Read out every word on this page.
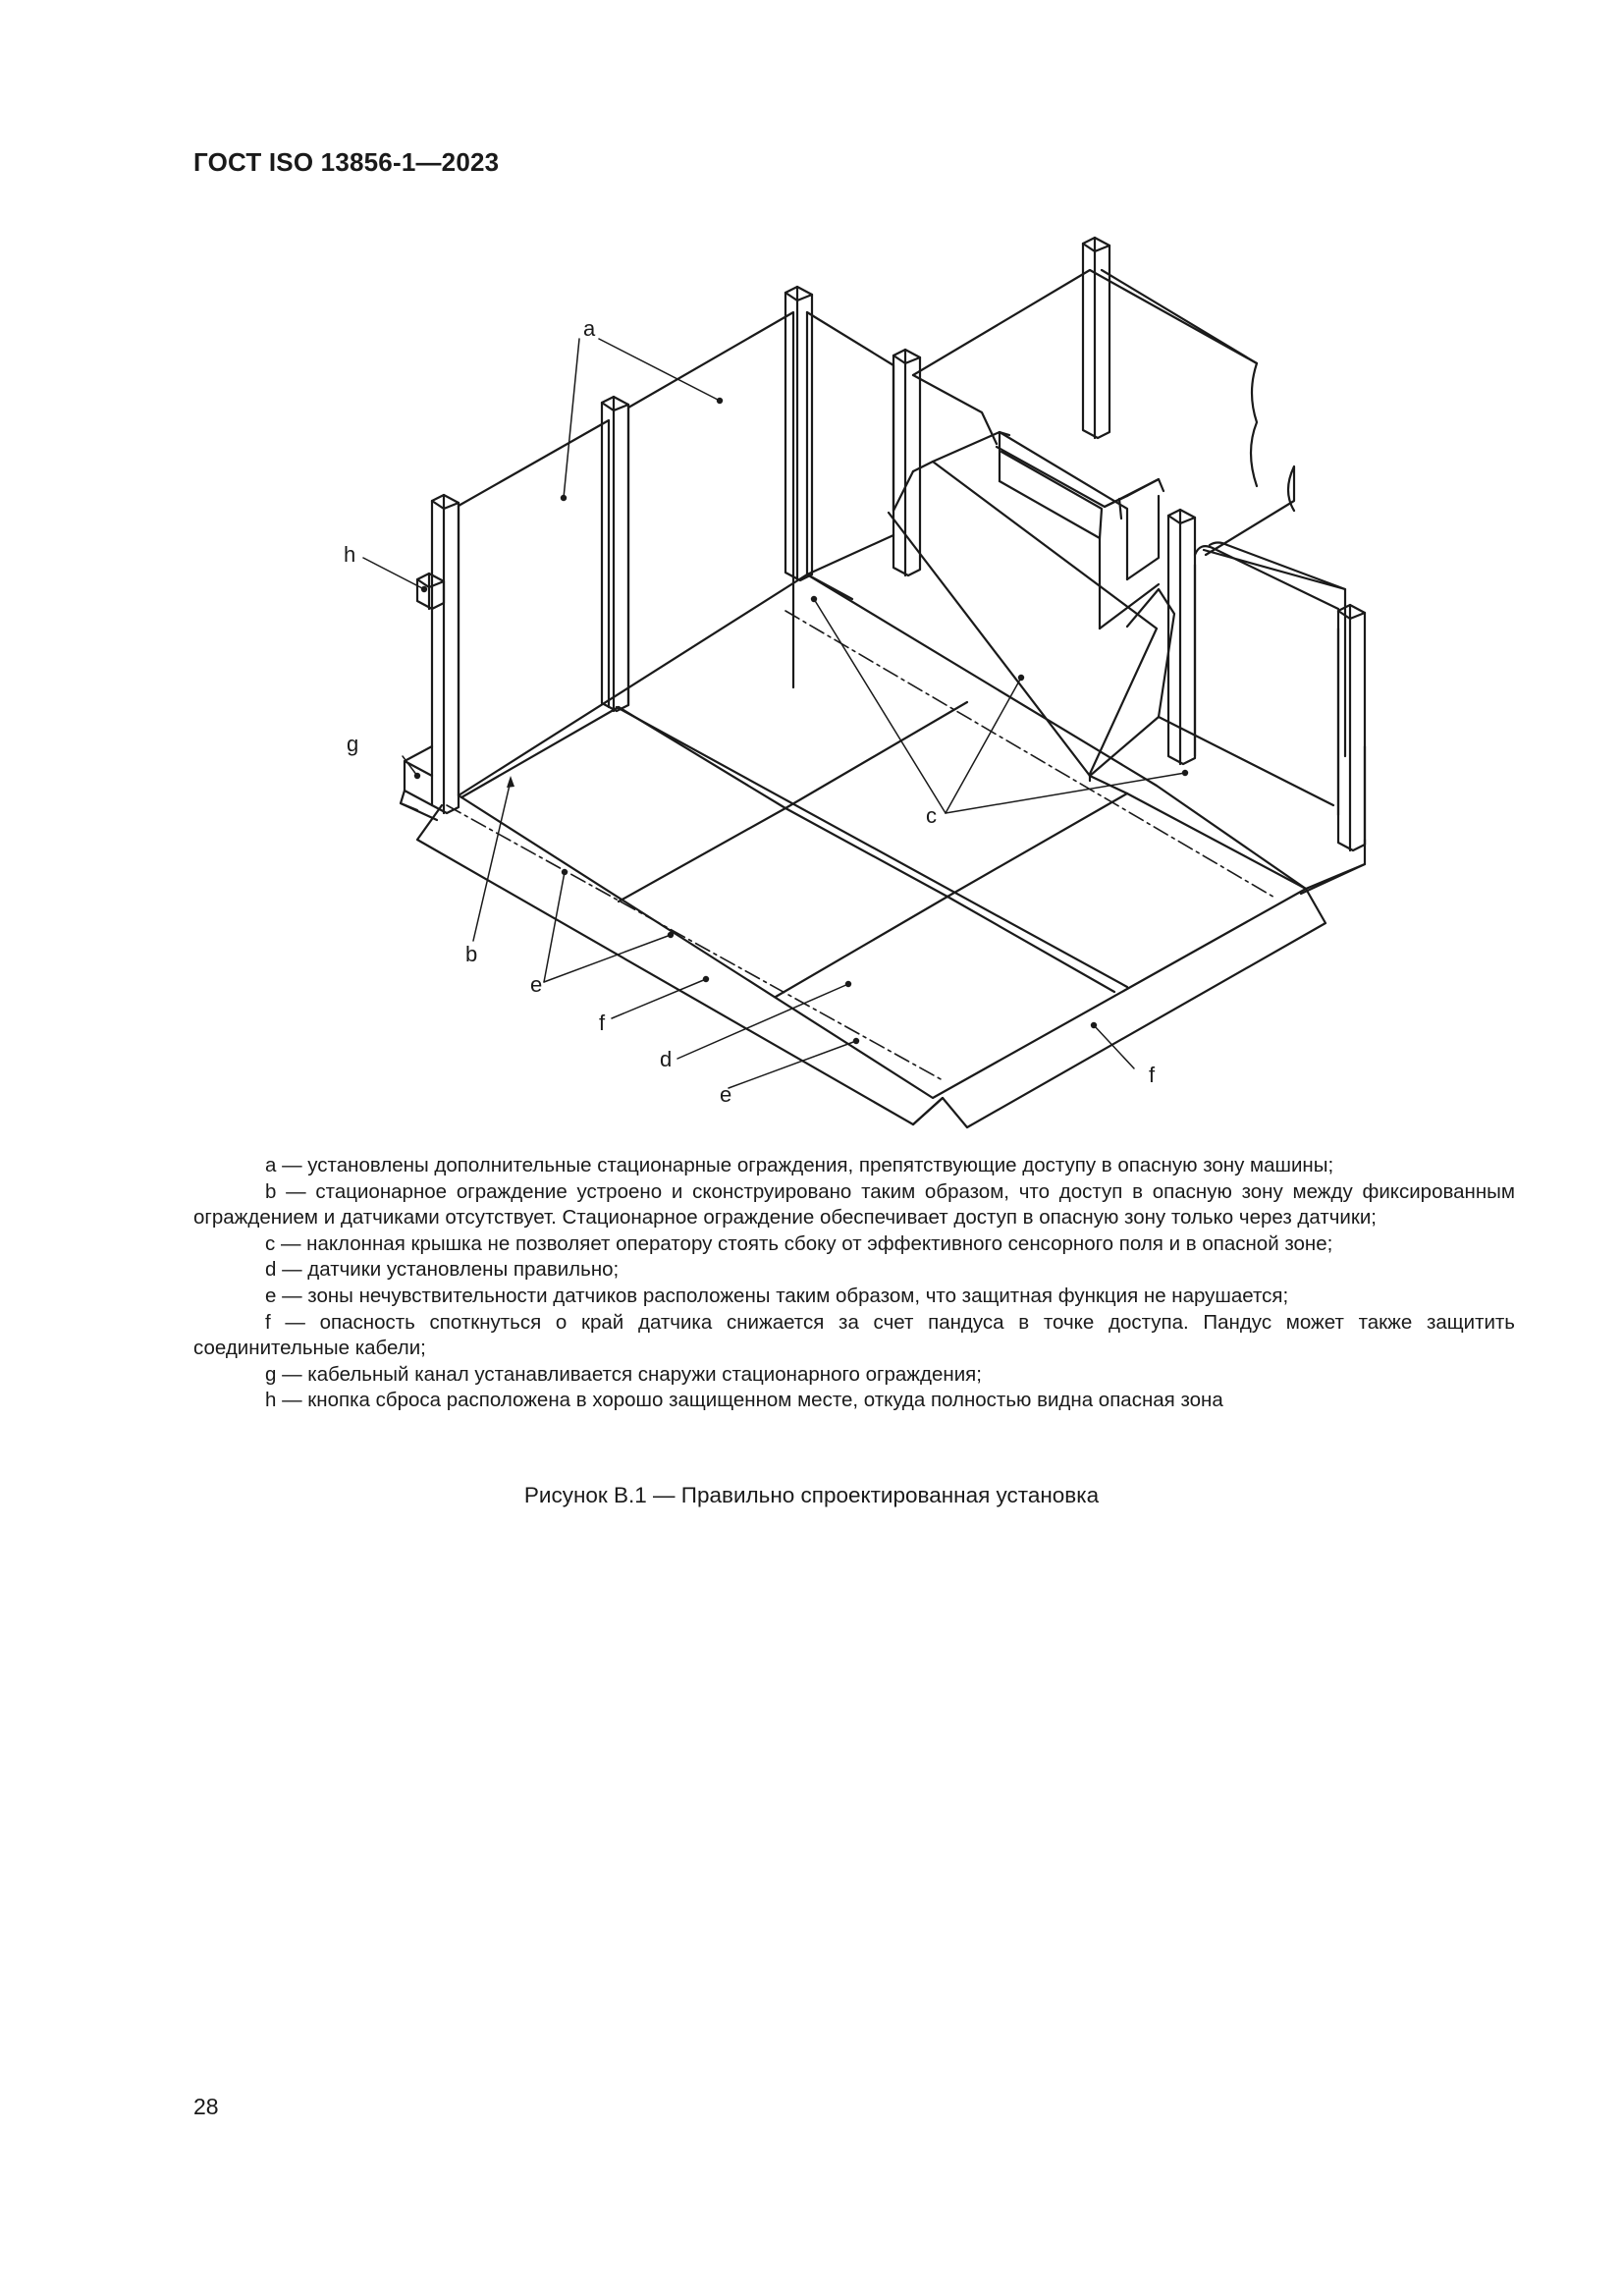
ГОСТ ISO 13856-1—2023
a
h
g
b
e
f
d
e
c
f

a — установлены дополнительные стационарные ограждения, препятствующие доступу в опасную зону машины;

b — стационарное ограждение устроено и сконструировано таким образом, что доступ в опасную зону между фиксированным ограждением и датчиками отсутствует. Стационарное ограждение обеспечивает доступ в опасную зону только через датчики;

c — наклонная крышка не позволяет оператору стоять сбоку от эффективного сенсорного поля и в опасной зоне;

d — датчики установлены правильно;

e — зоны нечувствительности датчиков расположены таким образом, что защитная функция не нарушается;

f — опасность споткнуться о край датчика снижается за счет пандуса в точке доступа. Пандус может также защитить соединительные кабели;

g — кабельный канал устанавливается снаружи стационарного ограждения;

h — кнопка сброса расположена в хорошо защищенном месте, откуда полностью видна опасная зона

Рисунок B.1 — Правильно спроектированная установка
28
